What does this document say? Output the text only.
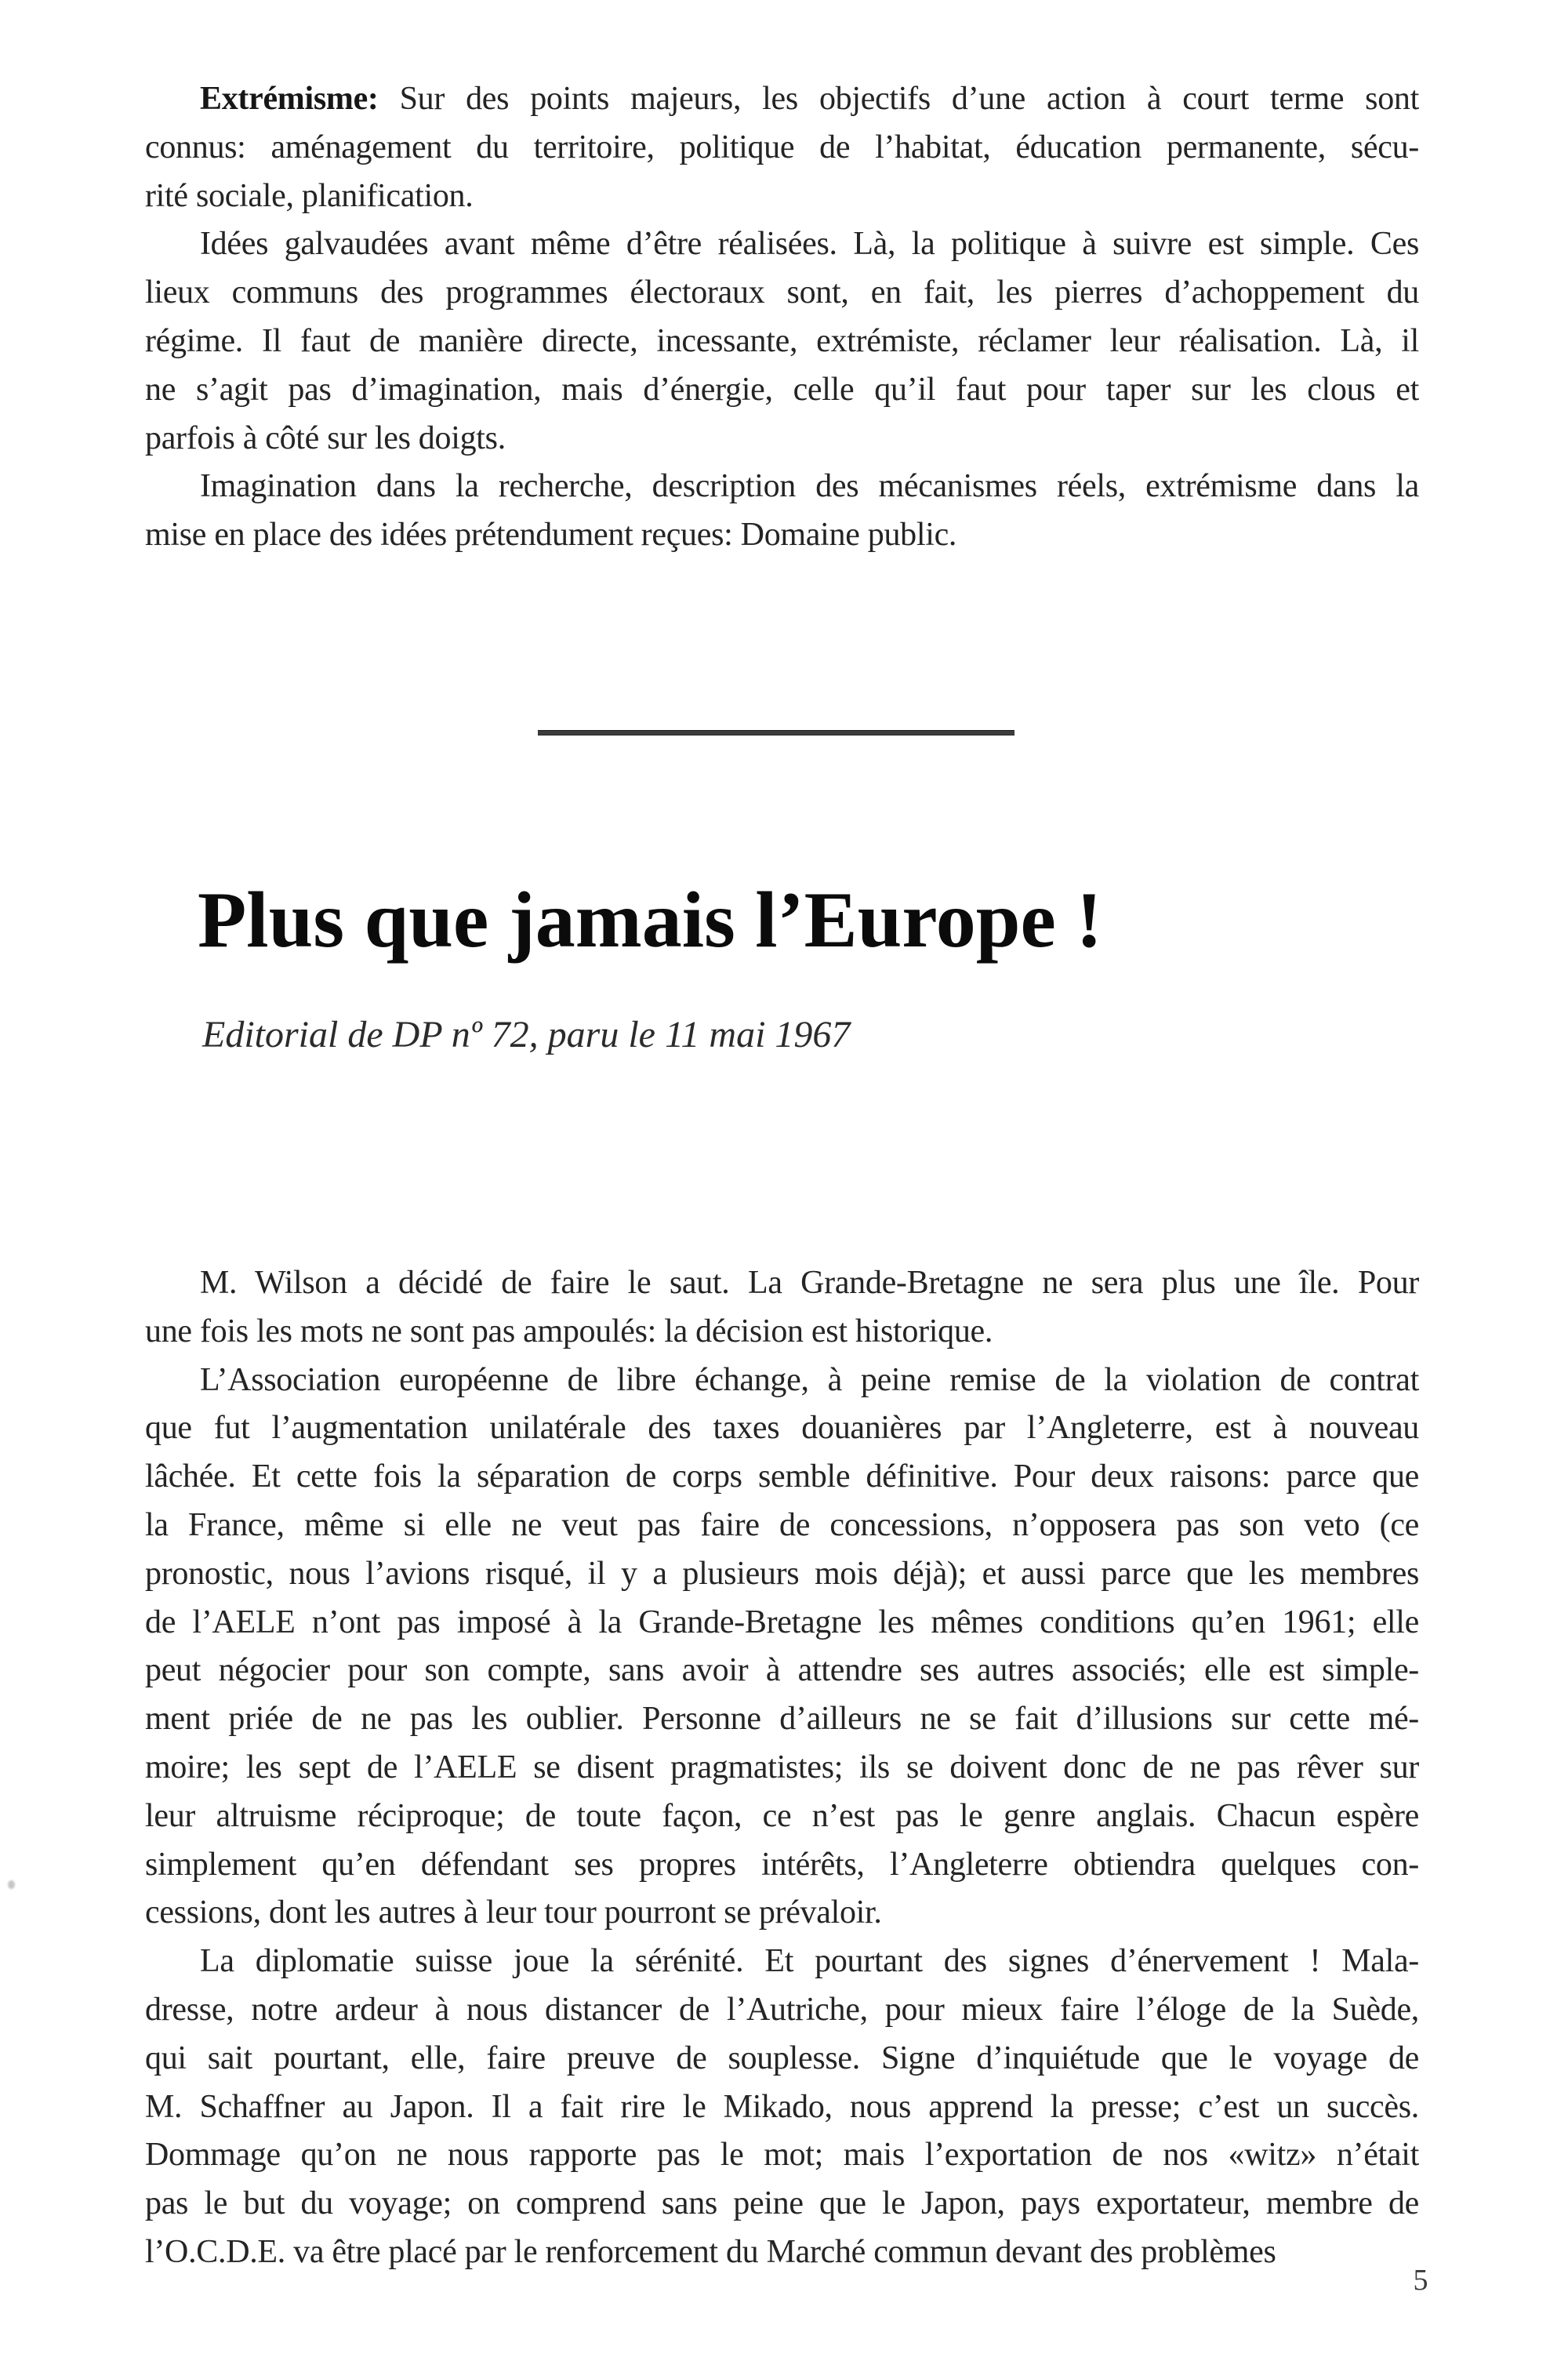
Extrémisme: Sur des points majeurs, les objectifs d’une action à court terme sont
connus: aménagement du territoire, politique de l’habitat, éducation permanente, sécu-
rité sociale, planification.
Idées galvaudées avant même d’être réalisées. Là, la politique à suivre est simple. Ces
lieux communs des programmes électoraux sont, en fait, les pierres d’achoppement du
régime. Il faut de manière directe, incessante, extrémiste, réclamer leur réalisation. Là, il
ne s’agit pas d’imagination, mais d’énergie, celle qu’il faut pour taper sur les clous et
parfois à côté sur les doigts.
Imagination dans la recherche, description des mécanismes réels, extrémisme dans la
mise en place des idées prétendument reçues: Domaine public.
Plus que jamais l’Europe !
Editorial de DP nº 72, paru le 11 mai 1967
M. Wilson a décidé de faire le saut. La Grande-Bretagne ne sera plus une île. Pour
une fois les mots ne sont pas ampoulés: la décision est historique.
L’Association européenne de libre échange, à peine remise de la violation de contrat
que fut l’augmentation unilatérale des taxes douanières par l’Angleterre, est à nouveau
lâchée. Et cette fois la séparation de corps semble définitive. Pour deux raisons: parce que
la France, même si elle ne veut pas faire de concessions, n’opposera pas son veto (ce
pronostic, nous l’avions risqué, il y a plusieurs mois déjà); et aussi parce que les membres
de l’AELE n’ont pas imposé à la Grande-Bretagne les mêmes conditions qu’en 1961; elle
peut négocier pour son compte, sans avoir à attendre ses autres associés; elle est simple-
ment priée de ne pas les oublier. Personne d’ailleurs ne se fait d’illusions sur cette mé-
moire; les sept de l’AELE se disent pragmatistes; ils se doivent donc de ne pas rêver sur
leur altruisme réciproque; de toute façon, ce n’est pas le genre anglais. Chacun espère
simplement qu’en défendant ses propres intérêts, l’Angleterre obtiendra quelques con-
cessions, dont les autres à leur tour pourront se prévaloir.
La diplomatie suisse joue la sérénité. Et pourtant des signes d’énervement ! Mala-
dresse, notre ardeur à nous distancer de l’Autriche, pour mieux faire l’éloge de la Suède,
qui sait pourtant, elle, faire preuve de souplesse. Signe d’inquiétude que le voyage de
M. Schaffner au Japon. Il a fait rire le Mikado, nous apprend la presse; c’est un succès.
Dommage qu’on ne nous rapporte pas le mot; mais l’exportation de nos «witz» n’était
pas le but du voyage; on comprend sans peine que le Japon, pays exportateur, membre de
l’O.C.D.E. va être placé par le renforcement du Marché commun devant des problèmes
5
